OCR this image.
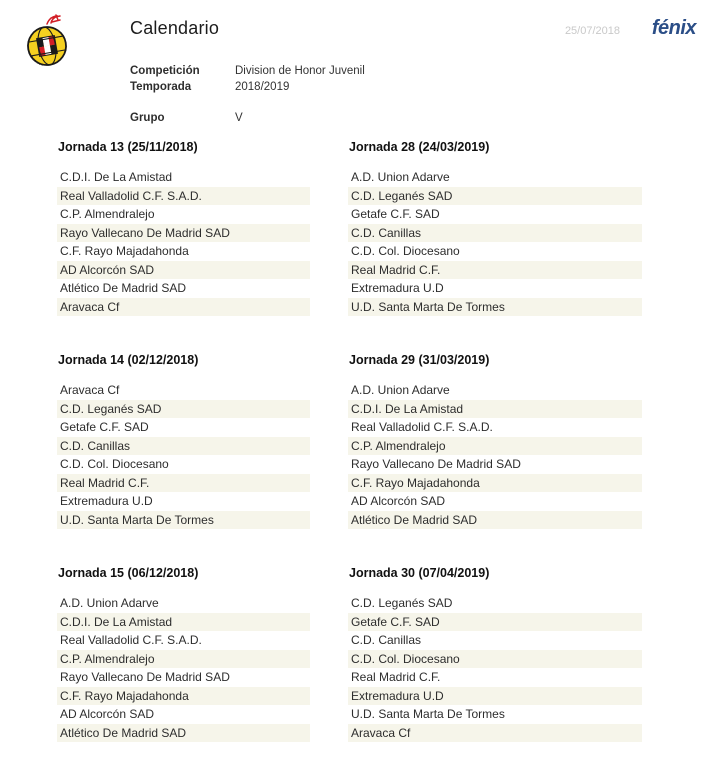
Calendario	25/07/2018 fénix
Competición	Division de Honor Juvenil
Temporada	2018/2019
Grupo	V
Jornada 13 (25/11/2018)
C.D.I. De La Amistad
Real Valladolid C.F. S.A.D.
C.P. Almendralejo
Rayo Vallecano De Madrid SAD
C.F. Rayo Majadahonda
AD Alcorcón SAD
Atlético De Madrid SAD
Aravaca Cf
Jornada 28 (24/03/2019)
A.D. Union Adarve
C.D. Leganés SAD
Getafe C.F. SAD
C.D. Canillas
C.D. Col. Diocesano
Real Madrid C.F.
Extremadura U.D
U.D. Santa Marta De Tormes
Jornada 14 (02/12/2018)
Aravaca Cf
C.D. Leganés SAD
Getafe C.F. SAD
C.D. Canillas
C.D. Col. Diocesano
Real Madrid C.F.
Extremadura U.D
U.D. Santa Marta De Tormes
Jornada 29 (31/03/2019)
A.D. Union Adarve
C.D.I. De La Amistad
Real Valladolid C.F. S.A.D.
C.P. Almendralejo
Rayo Vallecano De Madrid SAD
C.F. Rayo Majadahonda
AD Alcorcón SAD
Atlético De Madrid SAD
Jornada 15 (06/12/2018)
A.D. Union Adarve
C.D.I. De La Amistad
Real Valladolid C.F. S.A.D.
C.P. Almendralejo
Rayo Vallecano De Madrid SAD
C.F. Rayo Majadahonda
AD Alcorcón SAD
Atlético De Madrid SAD
Jornada 30 (07/04/2019)
C.D. Leganés SAD
Getafe C.F. SAD
C.D. Canillas
C.D. Col. Diocesano
Real Madrid C.F.
Extremadura U.D
U.D. Santa Marta De Tormes
Aravaca Cf
